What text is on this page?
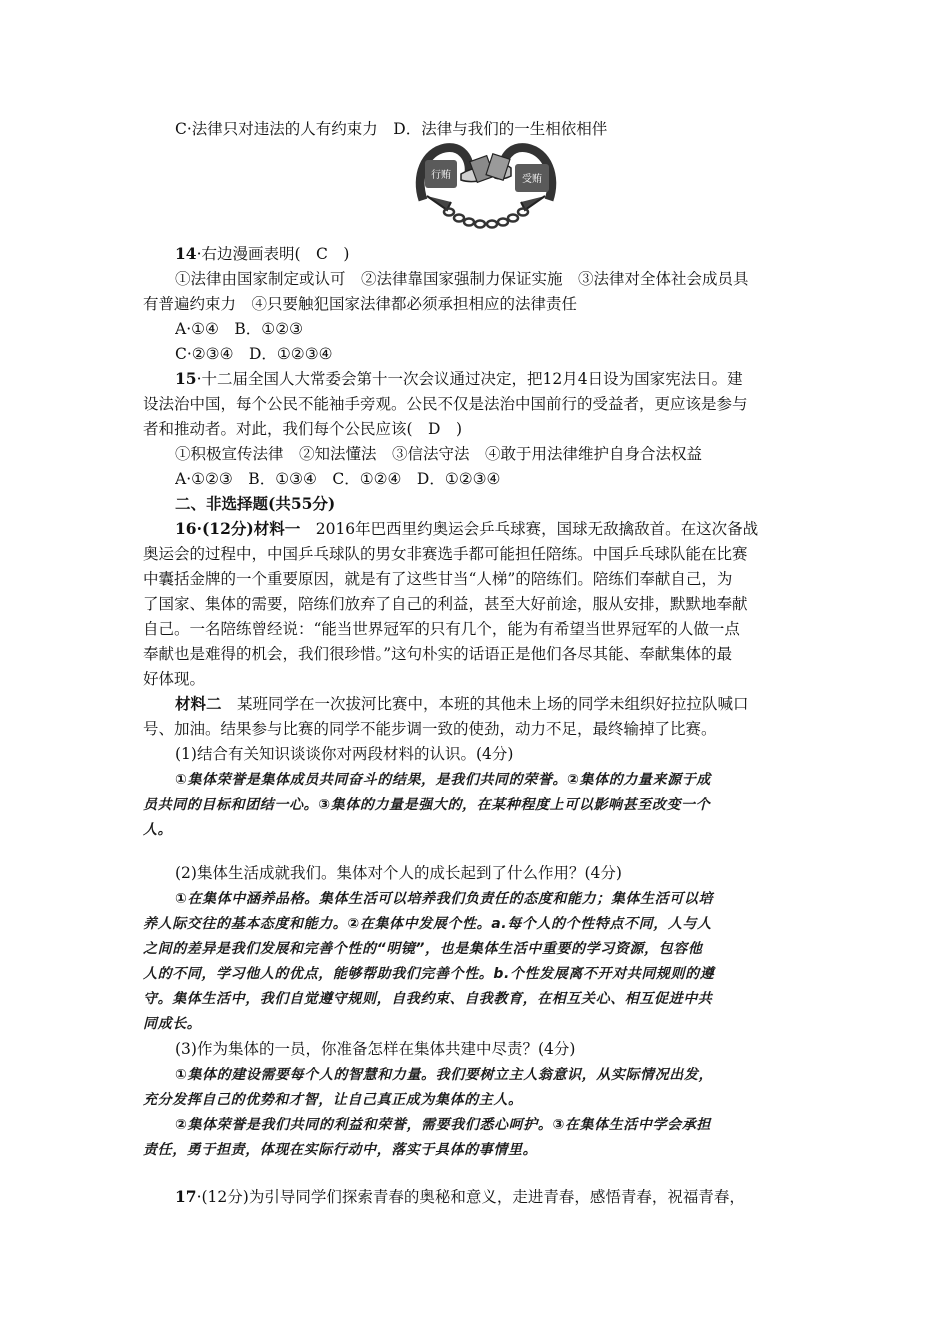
C·法律只对违法的人有约束力　D．法律与我们的一生相依相伴
行贿	受贿
14·右边漫画表明(　C　)
①法律由国家制定或认可　②法律靠国家强制力保证实施　③法律对全体社会成员具
有普遍约束力　④只要触犯国家法律都必须承担相应的法律责任
A·①④　B．①②③
C·②③④　D．①②③④
15·十二届全国人大常委会第十一次会议通过决定，把12月4日设为国家宪法日。建
设法治中国，每个公民不能袖手旁观。公民不仅是法治中国前行的受益者，更应该是参与
者和推动者。对此，我们每个公民应该(　D　)
①积极宣传法律　②知法懂法　③信法守法　④敢于用法律维护自身合法权益
A·①②③　B．①③④　C．①②④　D．①②③④
二、非选择题(共55分)
16·(12分)材料一　2016年巴西里约奥运会乒乓球赛，国球无敌擒敌首。在这次备战
奥运会的过程中，中国乒乓球队的男女非赛选手都可能担任陪练。中国乒乓球队能在比赛
中囊括金牌的一个重要原因，就是有了这些甘当“人梯”的陪练们。陪练们奉献自己，为
了国家、集体的需要，陪练们放弃了自己的利益，甚至大好前途，服从安排，默默地奉献
自己。一名陪练曾经说：“能当世界冠军的只有几个，能为有希望当世界冠军的人做一点
奉献也是难得的机会，我们很珍惜。”这句朴实的话语正是他们各尽其能、奉献集体的最
好体现。
材料二　某班同学在一次拔河比赛中，本班的其他未上场的同学未组织好拉拉队喊口
号、加油。结果参与比赛的同学不能步调一致的使劲，动力不足，最终输掉了比赛。
(1)结合有关知识谈谈你对两段材料的认识。(4分)
①集体荣誉是集体成员共同奋斗的结果，是我们共同的荣誉。②集体的力量来源于成
员共同的目标和团结一心。③集体的力量是强大的，在某种程度上可以影响甚至改变一个
人。
(2)集体生活成就我们。集体对个人的成长起到了什么作用？(4分)
①在集体中涵养品格。集体生活可以培养我们负责任的态度和能力；集体生活可以培
养人际交往的基本态度和能力。②在集体中发展个性。a.每个人的个性特点不同，人与人
之间的差异是我们发展和完善个性的“明镜”，也是集体生活中重要的学习资源，包容他
人的不同，学习他人的优点，能够帮助我们完善个性。b.个性发展离不开对共同规则的遵
守。集体生活中，我们自觉遵守规则，自我约束、自我教育，在相互关心、相互促进中共
同成长。
(3)作为集体的一员，你准备怎样在集体共建中尽责？(4分)
①集体的建设需要每个人的智慧和力量。我们要树立主人翁意识，从实际情况出发，
充分发挥自己的优势和才智，让自己真正成为集体的主人。
②集体荣誉是我们共同的利益和荣誉，需要我们悉心呵护。③在集体生活中学会承担
责任，勇于担责，体现在实际行动中，落实于具体的事情里。
17·(12分)为引导同学们探索青春的奥秘和意义，走进青春，感悟青春，祝福青春，
